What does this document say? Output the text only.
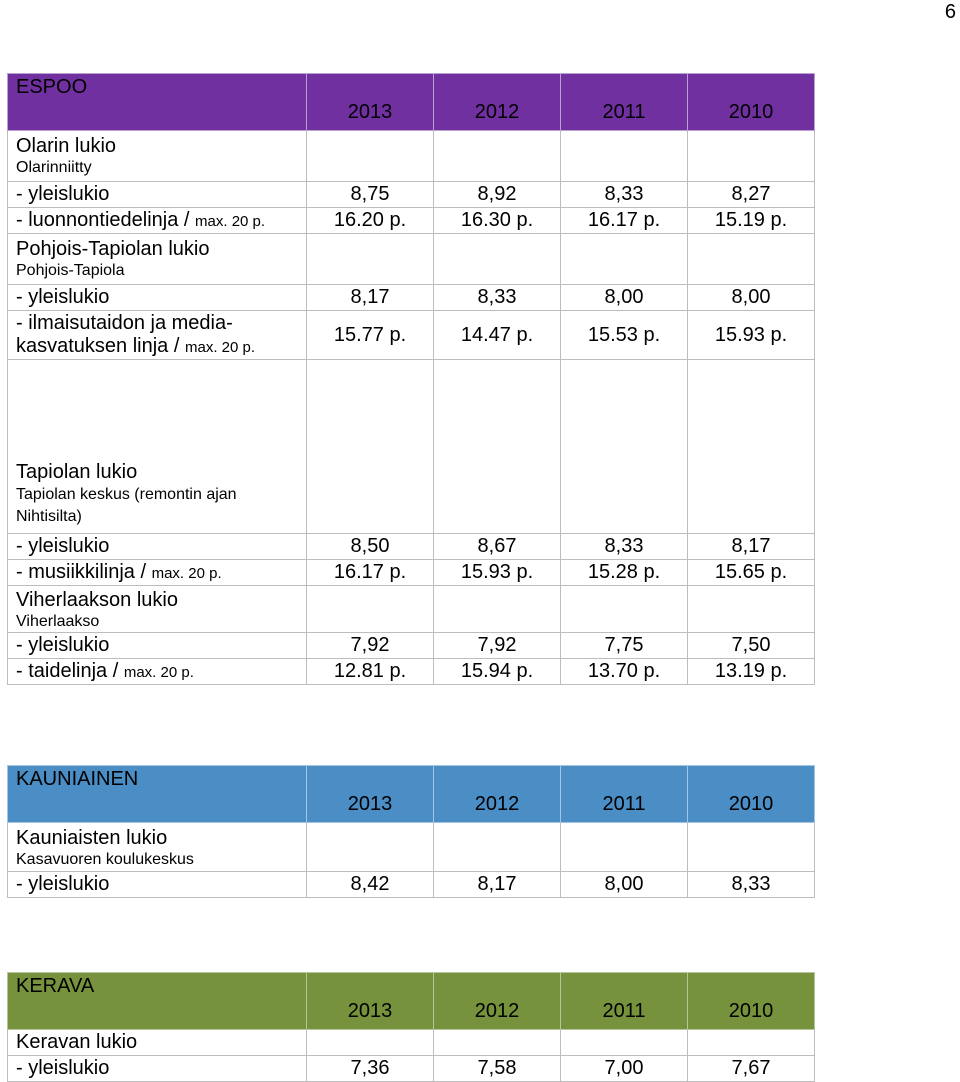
6
ESPOO	2013	2012	2011	2010

Olarin lukio
Olarinniitty				

- yleislukio	8,75	8,92	8,33	8,27
- luonnontiedelinja / max. 20 p.	16.20 p.	16.30 p.	16.17 p.	15.19 p.

Pohjois-Tapiolan lukio
Pohjois-Tapiola				

- yleislukio	8,17	8,33	8,00	8,00

- ilmaisutaidon ja media-
kasvatuksen linja / max. 20 p.	15.77 p.	14.47 p.	15.53 p.	15.93 p.

Tapiolan lukio
Tapiolan keskus (remontin ajan
Nihtisilta)				

- yleislukio	8,50	8,67	8,33	8,17
- musiikkilinja / max. 20 p.	16.17 p.	15.93 p.	15.28 p.	15.65 p.

Viherlaakson lukio
Viherlaakso				

- yleislukio	7,92	7,92	7,75	7,50
- taidelinja / max. 20 p.	12.81 p.	15.94 p.	13.70 p.	13.19 p.
KAUNIAINEN	2013	2012	2011	2010

Kauniaisten lukio
Kasavuoren koulukeskus				

- yleislukio	8,42	8,17	8,00	8,33
KERAVA	2013	2012	2011	2010
Keravan lukio				
- yleislukio	7,36	7,58	7,00	7,67
